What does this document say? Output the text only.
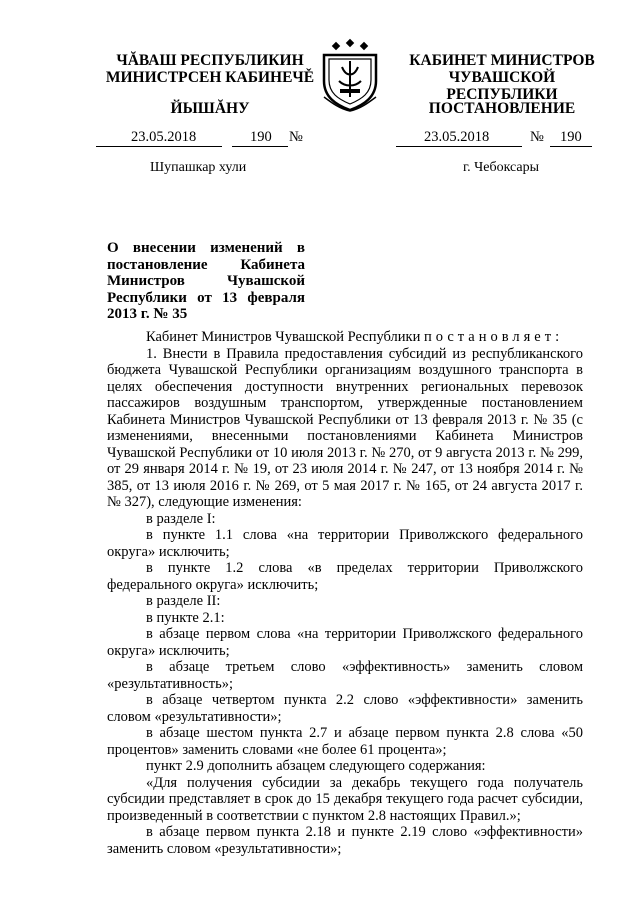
ЧĂВАШ РЕСПУБЛИКИН
МИНИСТРСЕН КАБИНЕЧĚ
ЙЫШĂНУ
КАБИНЕТ МИНИСТРОВ
ЧУВАШСКОЙ РЕСПУБЛИКИ
ПОСТАНОВЛЕНИЕ
23.05.2018	190 №	23.05.2018	№ 190
Шупашкар хули	г. Чебоксары
О внесении изменений в постановление Кабинета Министров Чувашской Республики от 13 февраля 2013 г. № 35

Кабинет Министров Чувашской Республики постановляет:

1. Внести в Правила предоставления субсидий из республиканского бюджета Чувашской Республики организациям воздушного транспорта в целях обеспечения доступности внутренних региональных перевозок пассажиров воздушным транспортом, утвержденные постановлением Кабинета Министров Чувашской Республики от 13 февраля 2013 г. № 35 (с изменениями, внесенными постановлениями Кабинета Министров Чувашской Республики от 10 июля 2013 г. № 270, от 9 августа 2013 г. № 299, от 29 января 2014 г. № 19, от 23 июля 2014 г. № 247, от 13 ноября 2014 г. № 385, от 13 июля 2016 г. № 269, от 5 мая 2017 г. № 165, от 24 августа 2017 г. № 327), следующие изменения:

в разделе I:

в пункте 1.1 слова «на территории Приволжского федерального округа» исключить;

в пункте 1.2 слова «в пределах территории Приволжского федерального округа» исключить;

в разделе II:

в пункте 2.1:

в абзаце первом слова «на территории Приволжского федерального округа» исключить;

в абзаце третьем слово «эффективность» заменить словом «результативность»;

в абзаце четвертом пункта 2.2 слово «эффективности» заменить словом «результативности»;

в абзаце шестом пункта 2.7 и абзаце первом пункта 2.8 слова «50 процентов» заменить словами «не более 61 процента»;

пункт 2.9 дополнить абзацем следующего содержания:

«Для получения субсидии за декабрь текущего года получатель субсидии представляет в срок до 15 декабря текущего года расчет субсидии, произведенный в соответствии с пунктом 2.8 настоящих Правил.»;

в абзаце первом пункта 2.18 и пункте 2.19 слово «эффективности» заменить словом «результативности»;
